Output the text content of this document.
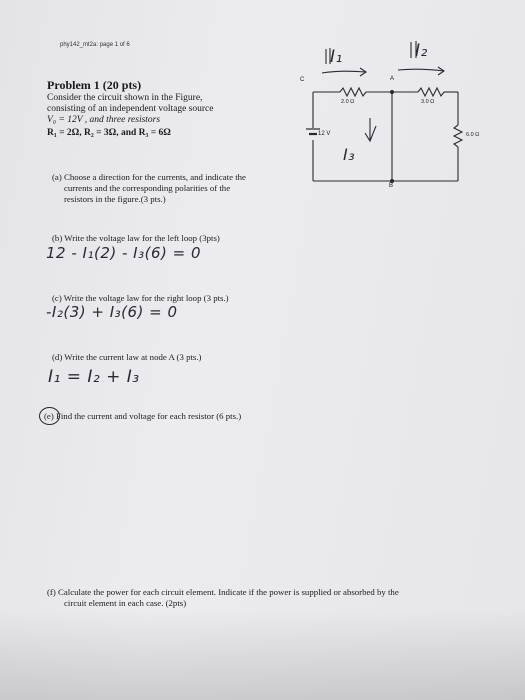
phy142_mt2a: page 1 of 6
Problem 1 (20 pts)
Consider the circuit shown in the Figure,
consisting of an independent voltage source
V₀ = 12V , and three resistors
R₁ = 2Ω, R₂ = 3Ω, and R₃ = 6Ω
C	A
B
2.0 Ω	3.0 Ω
6.0 Ω
12 V
I₁	I₂
I₃
(a) Choose a direction for the currents, and indicate the
currents and the corresponding polarities of the
resistors in the figure.(3 pts.)
(b) Write the voltage law for the left loop (3pts)
12 - I₁(2) - I₃(6) = 0
(c) Write the voltage law for the right loop (3 pts.)
-I₂(3) + I₃(6) = 0
(d) Write the current law at node A (3 pts.)
I₁ = I₂ + I₃
(e) Find the current and voltage for each resistor (6 pts.)
(f) Calculate the power for each circuit element. Indicate if the power is supplied or absorbed by the
circuit element in each case. (2pts)
